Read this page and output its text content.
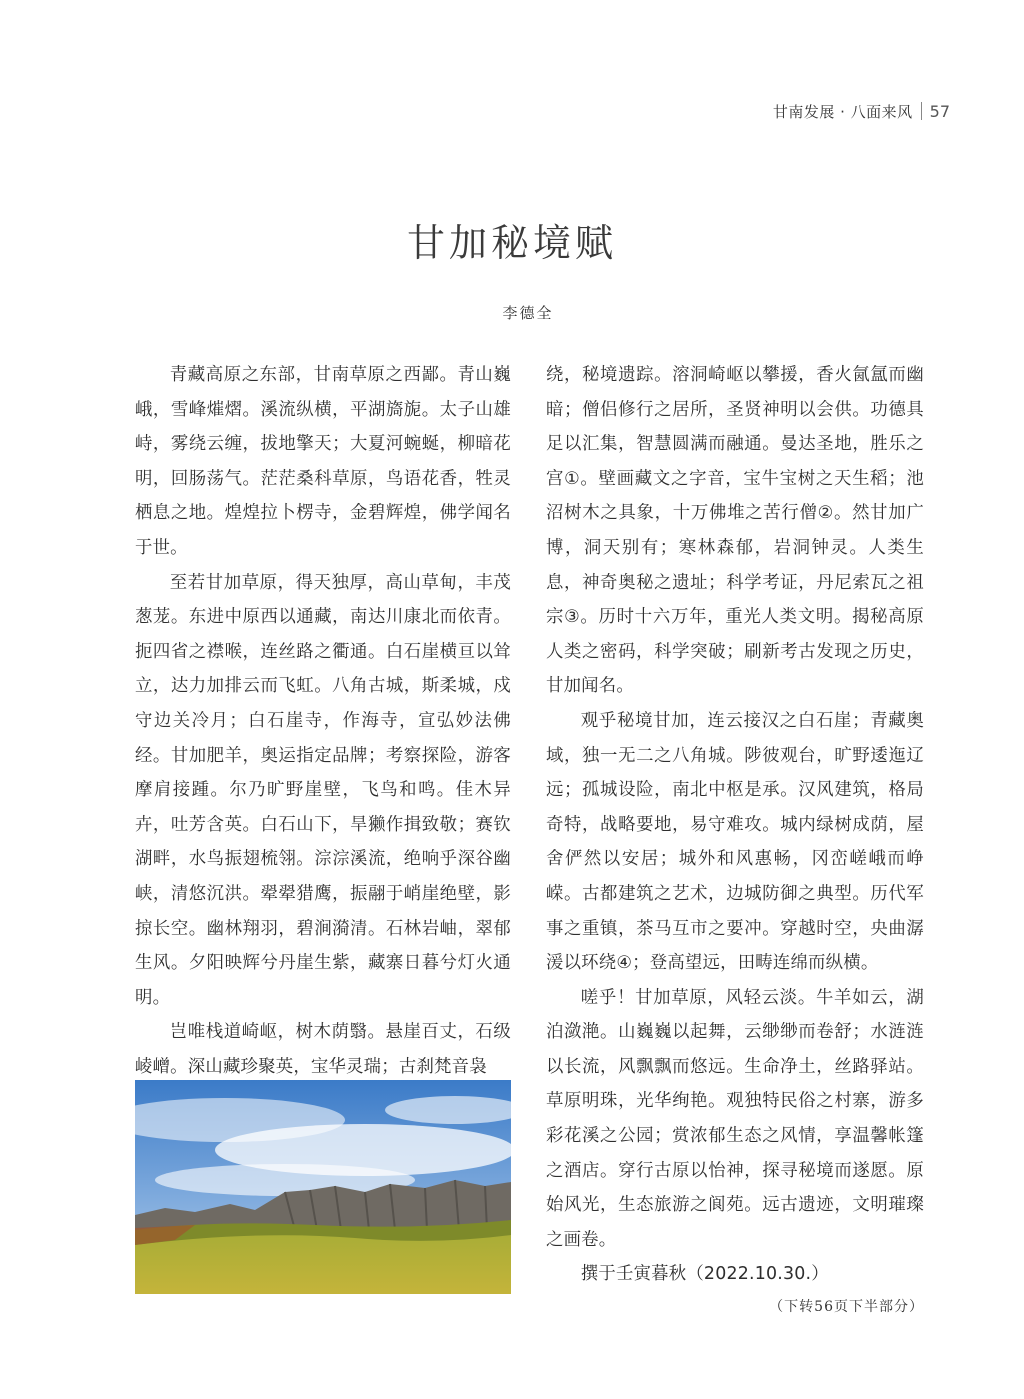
甘南发展 · 八面来风 57
甘加秘境赋
李德全

青藏高原之东部，甘南草原之西鄙。青山巍峨，雪峰熣熠。溪流纵横，平湖旖旎。太子山雄峙，雾绕云缠，拔地擎天；大夏河蜿蜒，柳暗花明，回肠荡气。茫茫桑科草原，鸟语花香，牲灵栖息之地。煌煌拉卜楞寺，金碧辉煌，佛学闻名于世。

至若甘加草原，得天独厚，高山草甸，丰茂葱茏。东进中原西以通藏，南达川康北而依青。扼四省之襟喉，连丝路之衢通。白石崖横亘以耸立，达力加排云而飞虹。八角古城，斯柔城，戍守边关冷月；白石崖寺，作海寺，宣弘妙法佛经。甘加肥羊，奥运指定品牌；考察探险，游客摩肩接踵。尔乃旷野崖壁，飞鸟和鸣。佳木异卉，吐芳含英。白石山下，旱獭作揖致敬；赛钦湖畔，水鸟振翅梳翎。淙淙溪流，绝响乎深谷幽峡，清悠沉洪。翚翚猎鹰，振翮于峭崖绝壁，影掠长空。幽林翔羽，碧涧漪清。石林岩岫，翠郁生风。夕阳映辉兮丹崖生紫，藏寨日暮兮灯火通明。

岂唯栈道崎岖，树木荫翳。悬崖百丈，石级崚嶒。深山藏珍聚英，宝华灵瑞；古刹梵音袅

绕，秘境遗踪。溶洞崎岖以攀援，香火氤氲而幽暗；僧侣修行之居所，圣贤神明以会供。功德具足以汇集，智慧圆满而融通。曼达圣地，胜乐之宫①。壁画藏文之字音，宝牛宝树之天生稻；池沼树木之具象，十万佛堆之苦行僧②。然甘加广博，洞天别有；寒林森郁，岩洞钟灵。人类生息，神奇奥秘之遗址；科学考证，丹尼索瓦之祖宗③。历时十六万年，重光人类文明。揭秘高原人类之密码，科学突破；刷新考古发现之历史，甘加闻名。

观乎秘境甘加，连云接汉之白石崖；青藏奥域，独一无二之八角城。陟彼观台，旷野逶迤辽远；孤城设险，南北中枢是承。汉风建筑，格局奇特，战略要地，易守难攻。城内绿树成荫，屋舍俨然以安居；城外和风惠畅，冈峦嵯峨而峥嵘。古都建筑之艺术，边城防御之典型。历代军事之重镇，茶马互市之要冲。穿越时空，央曲潺湲以环绕④；登高望远，田畴连绵而纵横。

嗟乎！甘加草原，风轻云淡。牛羊如云，湖泊潋滟。山巍巍以起舞，云缈缈而卷舒；水涟涟以长流，风飘飘而悠远。生命净土，丝路驿站。草原明珠，光华绚艳。观独特民俗之村寨，游多彩花溪之公园；赏浓郁生态之风情，享温馨帐篷之酒店。穿行古原以怡神，探寻秘境而遂愿。原始风光，生态旅游之阆苑。远古遗迹，文明璀璨之画卷。

撰于壬寅暮秋（2022.10.30.）

（下转56页下半部分）
